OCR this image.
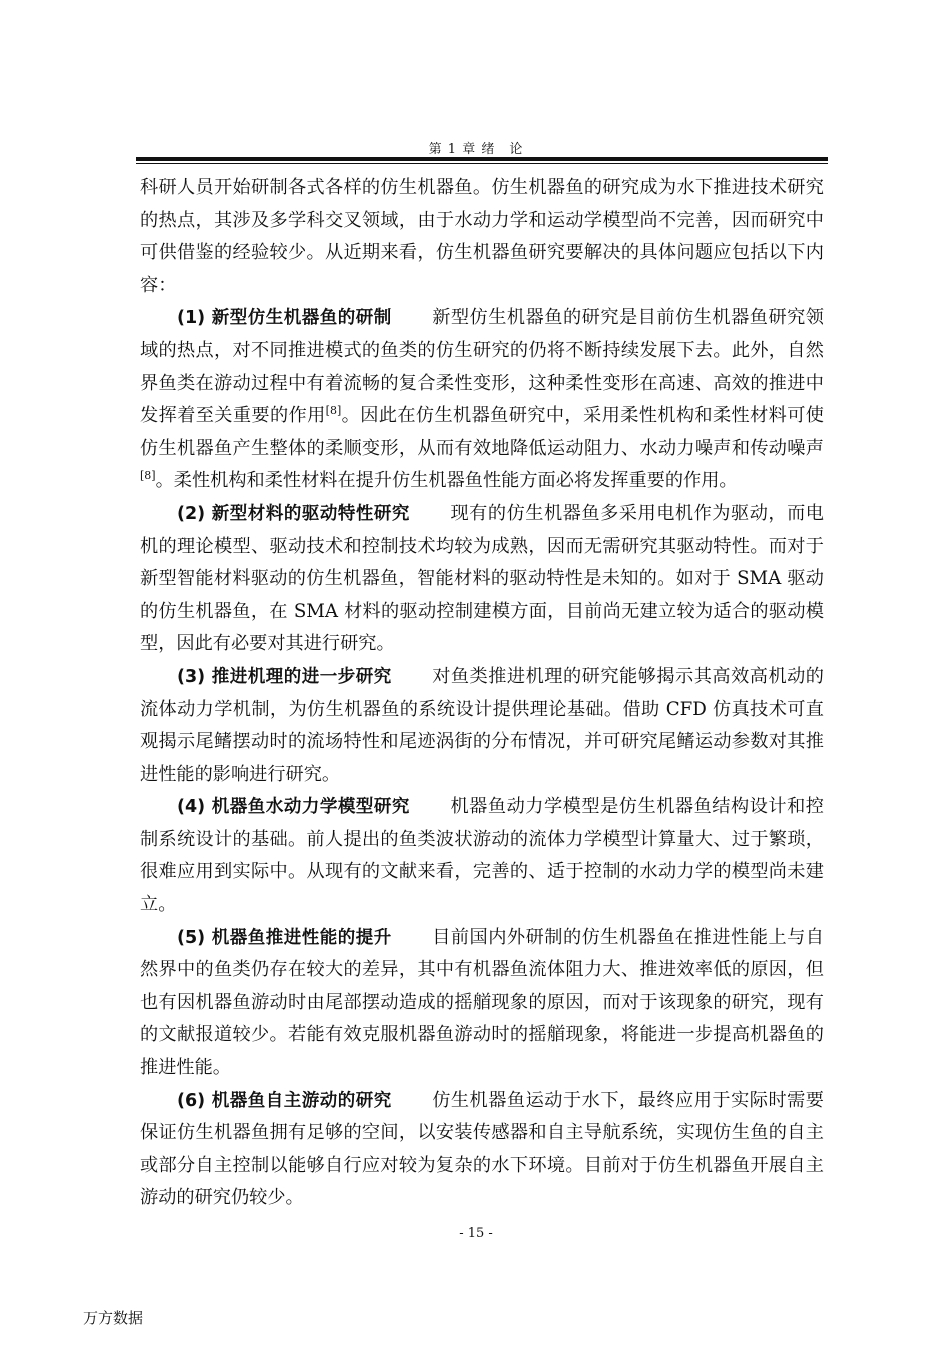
第 1 章 绪　论

科研人员开始研制各式各样的仿生机器鱼。仿生机器鱼的研究成为水下推进技术研究的热点，其涉及多学科交叉领域，由于水动力学和运动学模型尚不完善，因而研究中可供借鉴的经验较少。从近期来看，仿生机器鱼研究要解决的具体问题应包括以下内容：

(1) 新型仿生机器鱼的研制 新型仿生机器鱼的研究是目前仿生机器鱼研究领域的热点，对不同推进模式的鱼类的仿生研究的仍将不断持续发展下去。此外，自然界鱼类在游动过程中有着流畅的复合柔性变形，这种柔性变形在高速、高效的推进中发挥着至关重要的作用[8]。因此在仿生机器鱼研究中，采用柔性机构和柔性材料可使仿生机器鱼产生整体的柔顺变形，从而有效地降低运动阻力、水动力噪声和传动噪声[8]。柔性机构和柔性材料在提升仿生机器鱼性能方面必将发挥重要的作用。

(2) 新型材料的驱动特性研究 现有的仿生机器鱼多采用电机作为驱动，而电机的理论模型、驱动技术和控制技术均较为成熟，因而无需研究其驱动特性。而对于新型智能材料驱动的仿生机器鱼，智能材料的驱动特性是未知的。如对于 SMA 驱动的仿生机器鱼，在 SMA 材料的驱动控制建模方面，目前尚无建立较为适合的驱动模型，因此有必要对其进行研究。

(3) 推进机理的进一步研究 对鱼类推进机理的研究能够揭示其高效高机动的流体动力学机制，为仿生机器鱼的系统设计提供理论基础。借助 CFD 仿真技术可直观揭示尾鳍摆动时的流场特性和尾迹涡街的分布情况，并可研究尾鳍运动参数对其推进性能的影响进行研究。

(4) 机器鱼水动力学模型研究 机器鱼动力学模型是仿生机器鱼结构设计和控制系统设计的基础。前人提出的鱼类波状游动的流体力学模型计算量大、过于繁琐， 很难应用到实际中。从现有的文献来看，完善的、适于控制的水动力学的模型尚未建立。

(5) 机器鱼推进性能的提升 目前国内外研制的仿生机器鱼在推进性能上与自然界中的鱼类仍存在较大的差异，其中有机器鱼流体阻力大、推进效率低的原因，但也有因机器鱼游动时由尾部摆动造成的摇艏现象的原因，而对于该现象的研究，现有的文献报道较少。若能有效克服机器鱼游动时的摇艏现象，将能进一步提高机器鱼的推进性能。

(6) 机器鱼自主游动的研究 仿生机器鱼运动于水下，最终应用于实际时需要保证仿生机器鱼拥有足够的空间，以安装传感器和自主导航系统，实现仿生鱼的自主或部分自主控制以能够自行应对较为复杂的水下环境。目前对于仿生机器鱼开展自主游动的研究仍较少。

- 15 -
万方数据
